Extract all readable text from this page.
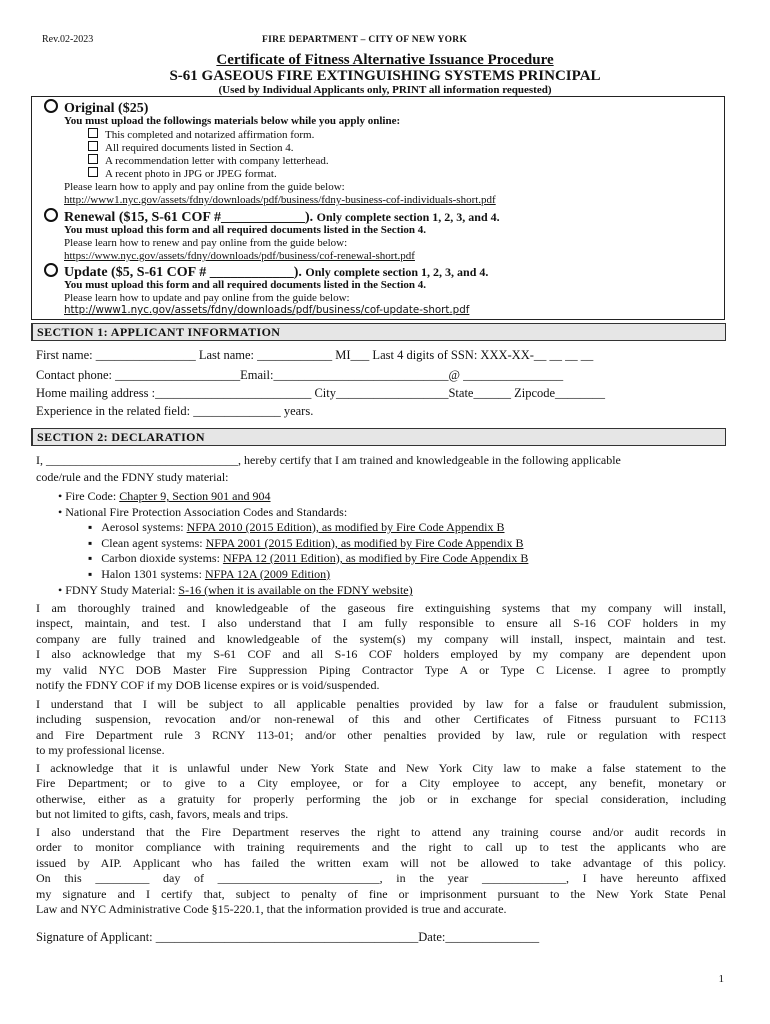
Rev.02-2023	FIRE DEPARTMENT – CITY OF NEW YORK
Certificate of Fitness Alternative Issuance Procedure
S-61 GASEOUS FIRE EXTINGUISHING SYSTEMS PRINCIPAL
(Used by Individual Applicants only, PRINT all information requested)
Original ($25)
You must upload the followings materials below while you apply online:
This completed and notarized affirmation form.
All required documents listed in Section 4.
A recommendation letter with company letterhead.
A recent photo in JPG or JPEG format.
Please learn how to apply and pay online from the guide below:
http://www1.nyc.gov/assets/fdny/downloads/pdf/business/fdny-business-cof-individuals-short.pdf
Renewal ($15, S-61 COF #____________). Only complete section 1, 2, 3, and 4.
You must upload this form and all required documents listed in the Section 4.
Please learn how to renew and pay online from the guide below:
https://www.nyc.gov/assets/fdny/downloads/pdf/business/cof-renewal-short.pdf
Update ($5, S-61 COF # ____________). Only complete section 1, 2, 3, and 4.
You must upload this form and all required documents listed in the Section 4.
Please learn how to update and pay online from the guide below:
http://www1.nyc.gov/assets/fdny/downloads/pdf/business/cof-update-short.pdf
SECTION 1: APPLICANT INFORMATION
First name: ________________ Last name: ____________ MI___ Last 4 digits of SSN: XXX-XX-__ __ __ __
Contact phone: ____________________Email:____________________________@ ________________
Home mailing address :_________________________ City__________________State______ Zipcode________
Experience in the related field: ______________ years.
SECTION 2: DECLARATION
I, ________________________________, hereby certify that I am trained and knowledgeable in the following applicable
code/rule and the FDNY study material:
• Fire Code: Chapter 9, Section 901 and 904
• National Fire Protection Association Codes and Standards:
▪   Aerosol systems: NFPA 2010 (2015 Edition), as modified by Fire Code Appendix B
▪   Clean agent systems: NFPA 2001 (2015 Edition), as modified by Fire Code Appendix B
▪   Carbon dioxide systems: NFPA 12 (2011 Edition), as modified by Fire Code Appendix B
▪   Halon 1301 systems: NFPA 12A (2009 Edition)
• FDNY Study Material: S-16 (when it is available on the FDNY website)
I am thoroughly trained and knowledgeable of the gaseous fire extinguishing systems that my company will install,
inspect, maintain, and test. I also understand that I am fully responsible to ensure all S-16 COF holders in my
company are fully trained and knowledgeable of the system(s) my company will install, inspect, maintain and test.
I also acknowledge that my S-61 COF and all S-16 COF holders employed by my company are dependent upon
my valid NYC DOB Master Fire Suppression Piping Contractor Type A or Type C License. I agree to promptly
notify the FDNY COF if my DOB license expires or is void/suspended.
I understand that I will be subject to all applicable penalties provided by law for a false or fraudulent submission,
including suspension, revocation and/or non-renewal of this and other Certificates of Fitness pursuant to FC113
and Fire Department rule 3 RCNY 113-01; and/or other penalties provided by law, rule or regulation with respect
to my professional license.
I acknowledge that it is unlawful under New York State and New York City law to make a false statement to the
Fire Department; or to give to a City employee, or for a City employee to accept, any benefit, monetary or
otherwise, either as a gratuity for properly performing the job or in exchange for special consideration, including
but not limited to gifts, cash, favors, meals and trips.
I also understand that the Fire Department reserves the right to attend any training course and/or audit records in
order to monitor compliance with training requirements and the right to call up to test the applicants who are
issued by AIP. Applicant who has failed the written exam will not be allowed to take advantage of this policy.
On this _________ day of ___________________________, in the year ______________, I have hereunto affixed
my signature and I certify that, subject to penalty of fine or imprisonment pursuant to the New York State Penal
Law and NYC Administrative Code §15-220.1, that the information provided is true and accurate.
Signature of Applicant: __________________________________________Date:_______________
1
